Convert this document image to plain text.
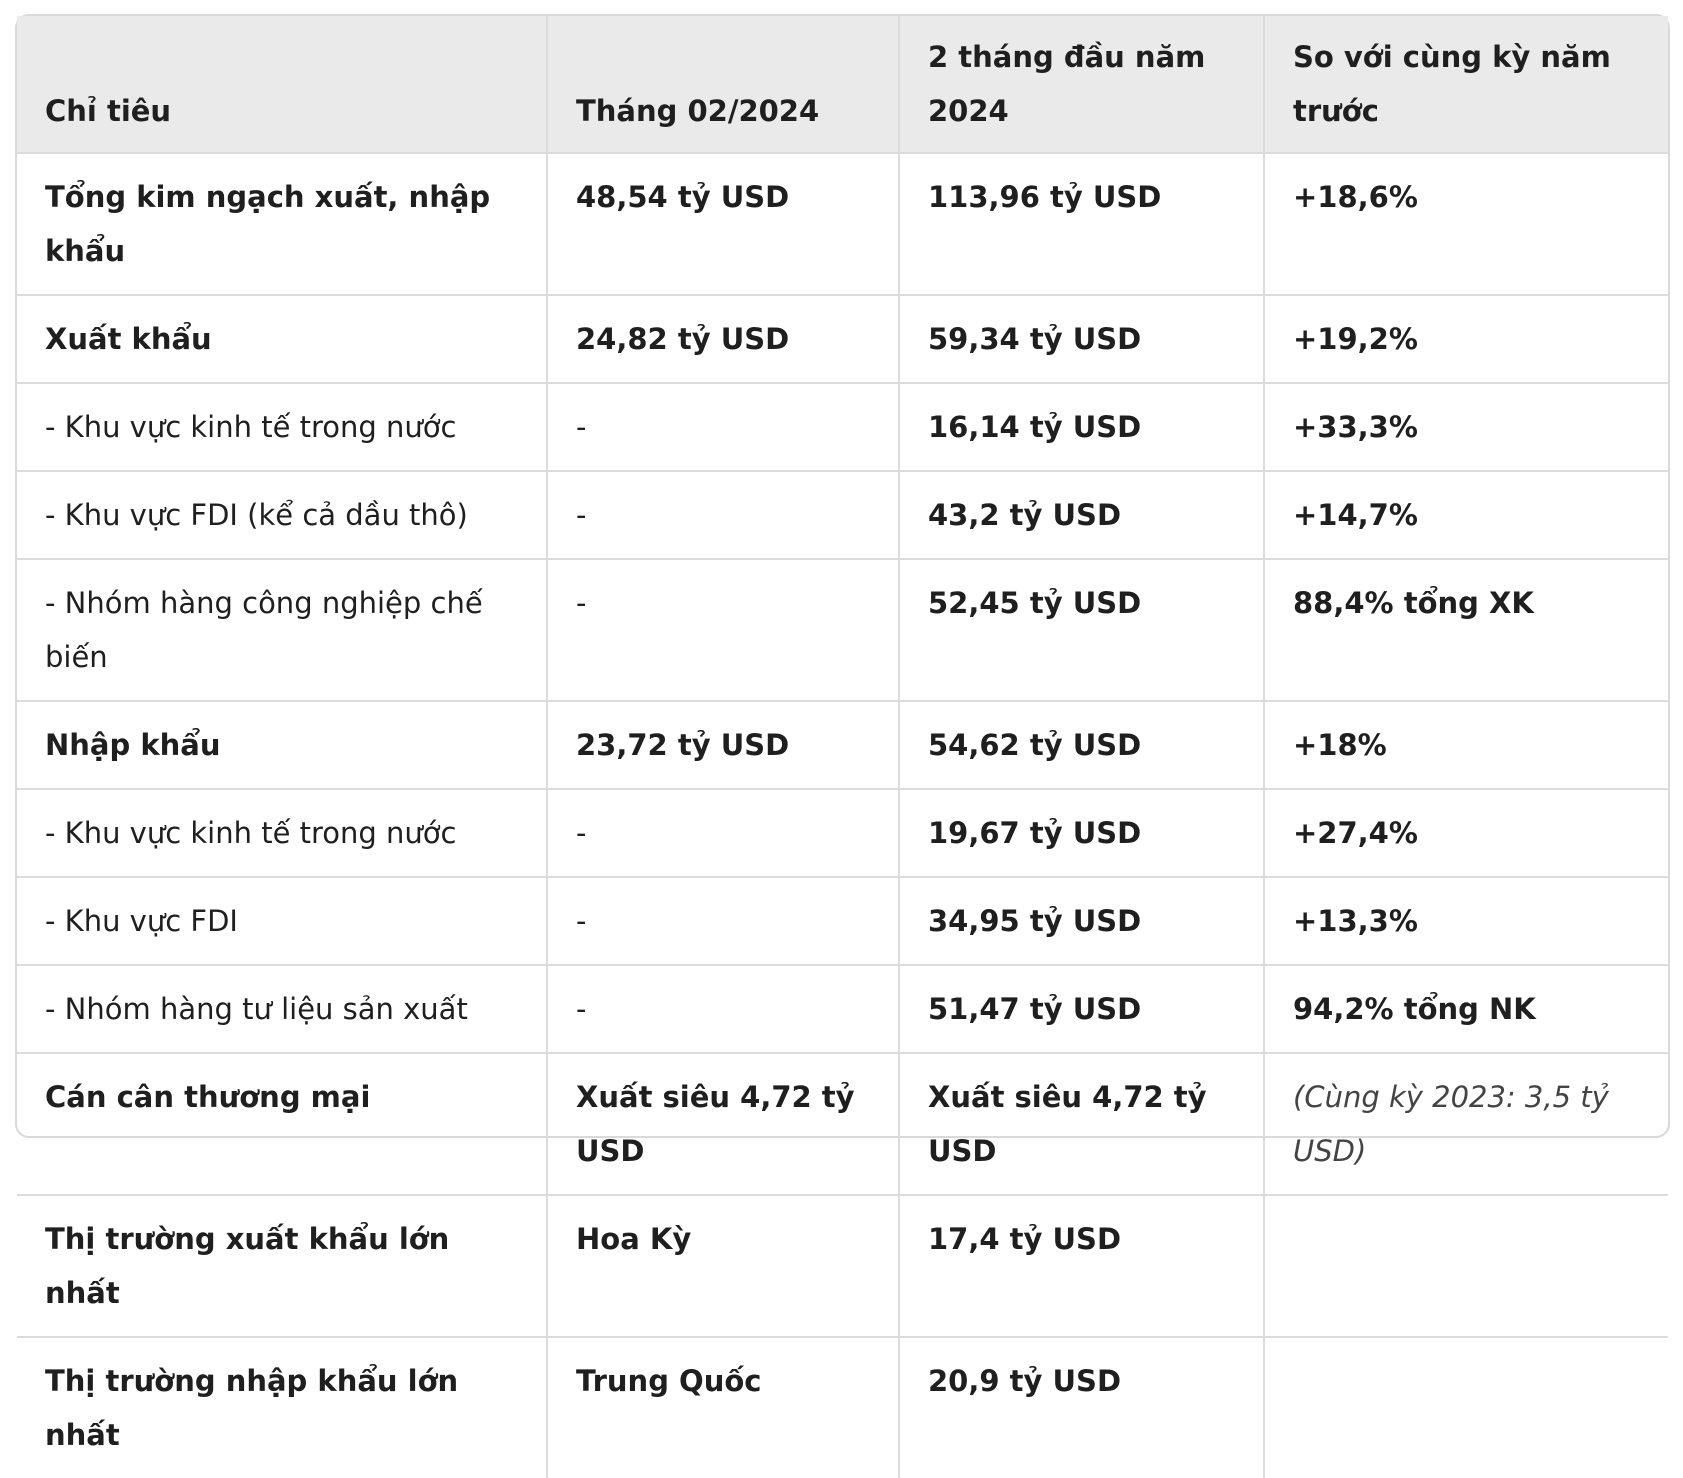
Chỉ tiêu	Tháng 02/2024	2 tháng đầu năm 2024	So với cùng kỳ năm trước
Tổng kim ngạch xuất, nhập khẩu	48,54 tỷ USD	113,96 tỷ USD	+18,6%
Xuất khẩu	24,82 tỷ USD	59,34 tỷ USD	+19,2%
- Khu vực kinh tế trong nước	-	16,14 tỷ USD	+33,3%
- Khu vực FDI (kể cả dầu thô)	-	43,2 tỷ USD	+14,7%
- Nhóm hàng công nghiệp chế biến	-	52,45 tỷ USD	88,4% tổng XK
Nhập khẩu	23,72 tỷ USD	54,62 tỷ USD	+18%
- Khu vực kinh tế trong nước	-	19,67 tỷ USD	+27,4%
- Khu vực FDI	-	34,95 tỷ USD	+13,3%
- Nhóm hàng tư liệu sản xuất	-	51,47 tỷ USD	94,2% tổng NK
Cán cân thương mại	Xuất siêu 4,72 tỷ USD	Xuất siêu 4,72 tỷ USD	(Cùng kỳ 2023: 3,5 tỷ USD)
Thị trường xuất khẩu lớn nhất	Hoa Kỳ	17,4 tỷ USD	
Thị trường nhập khẩu lớn nhất	Trung Quốc	20,9 tỷ USD	
